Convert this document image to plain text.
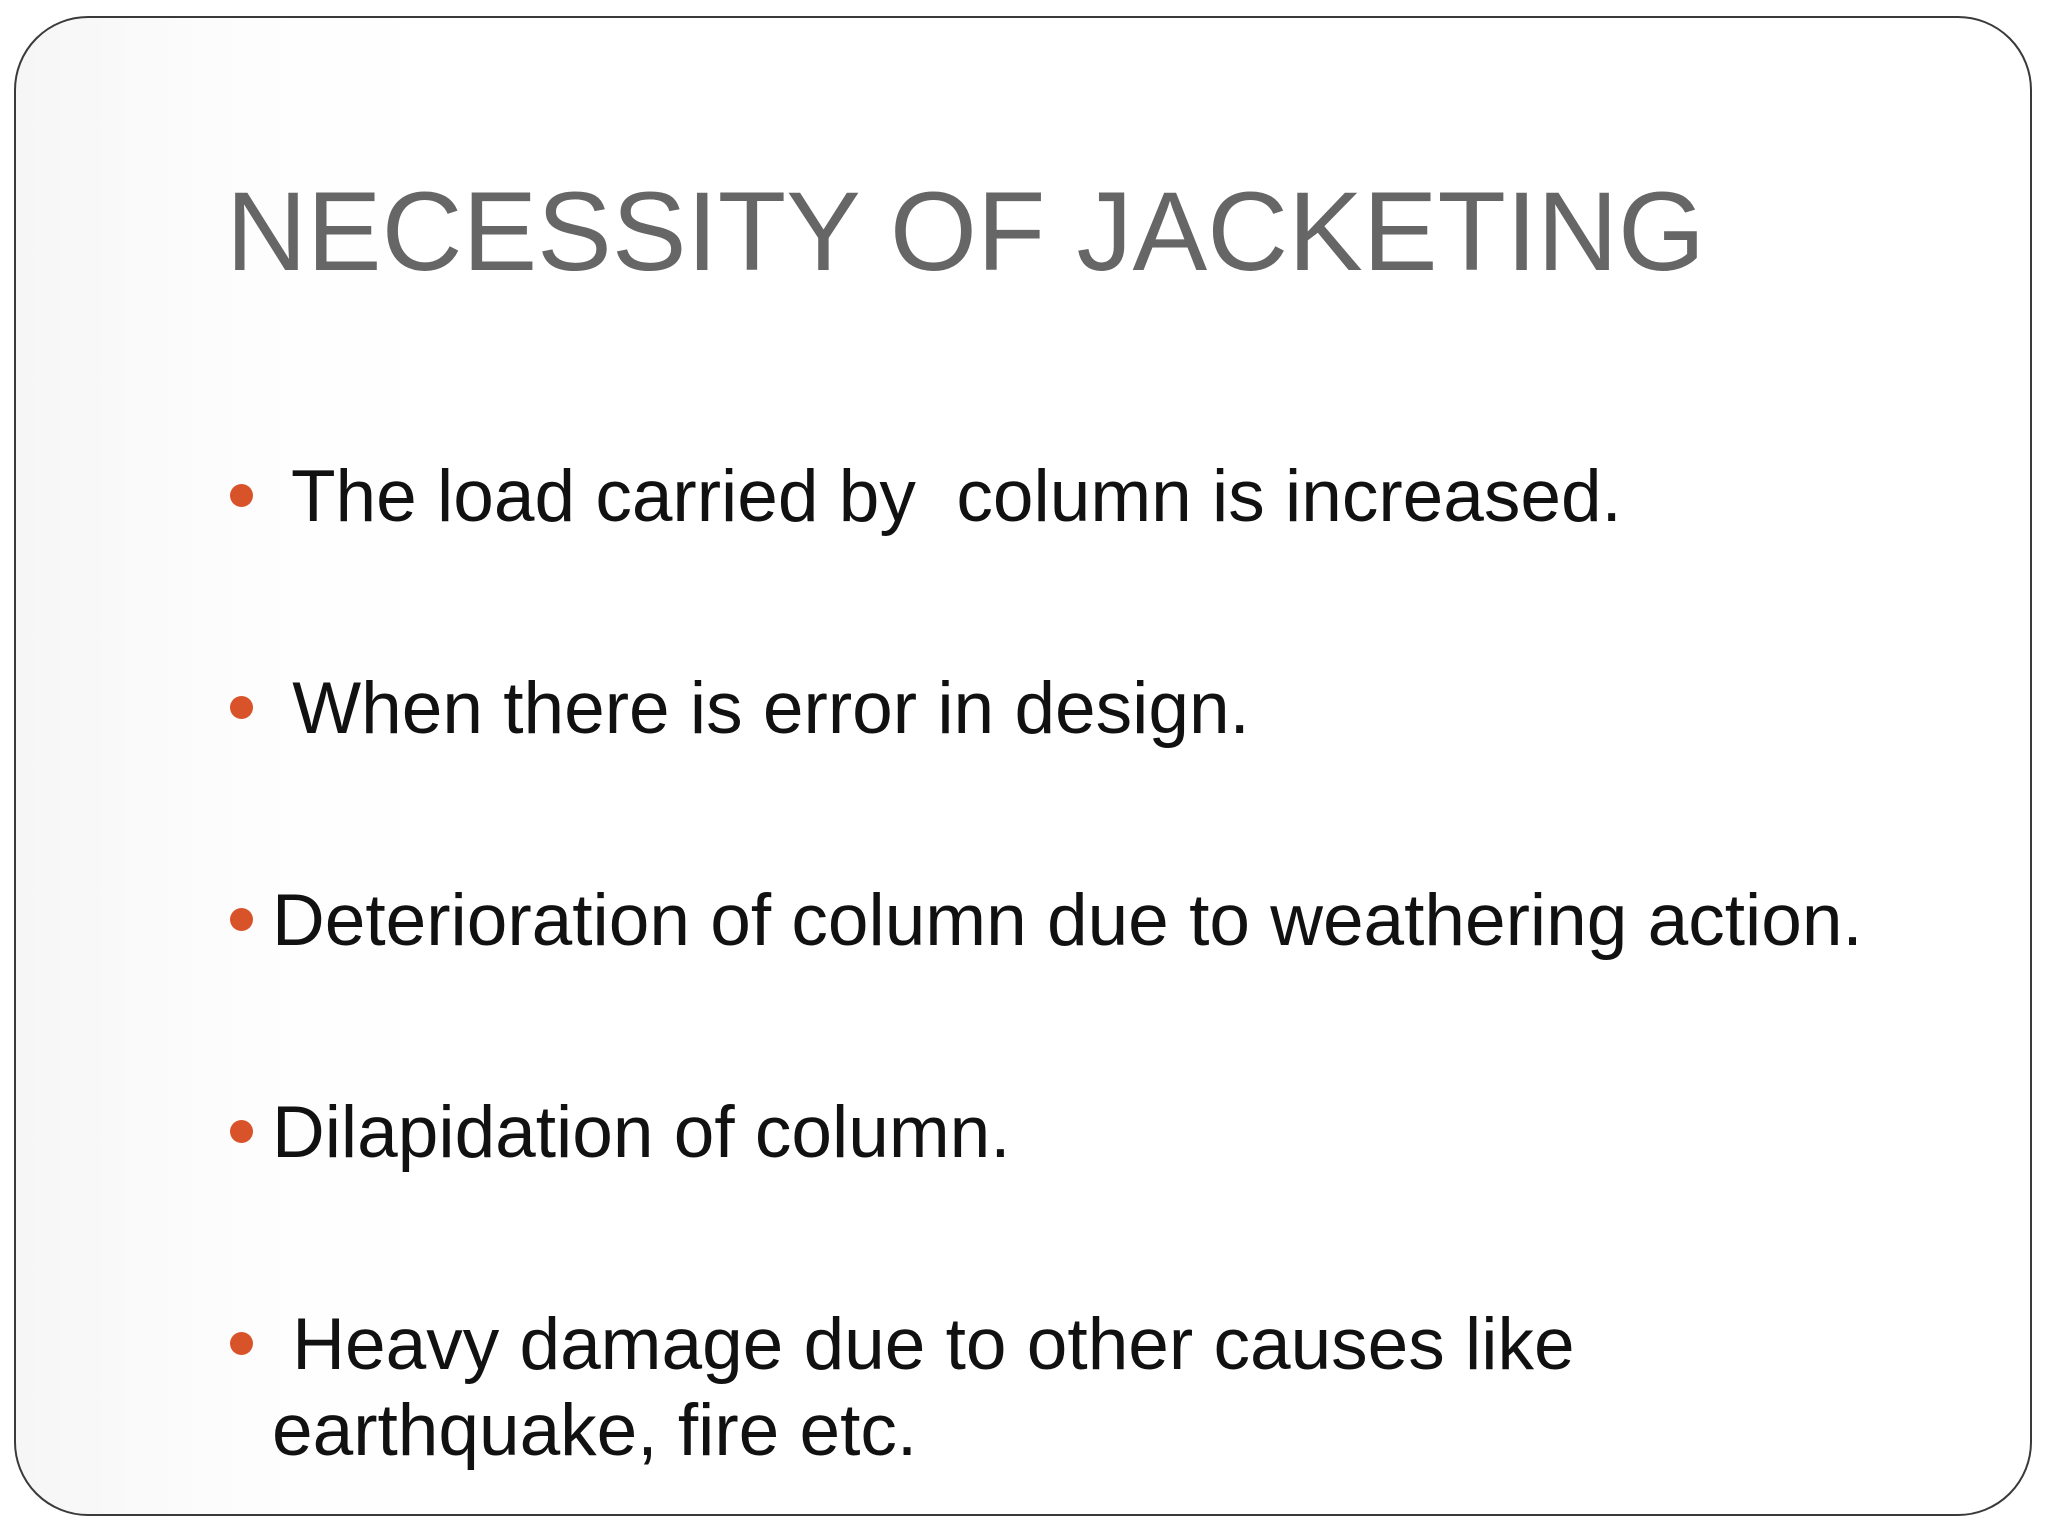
NECESSITY OF JACKETING
The load carried by  column is increased.
When there is error in design.
Deterioration of column due to weathering action.
Dilapidation of column.
Heavy damage due to other causes like
earthquake, fire etc.
